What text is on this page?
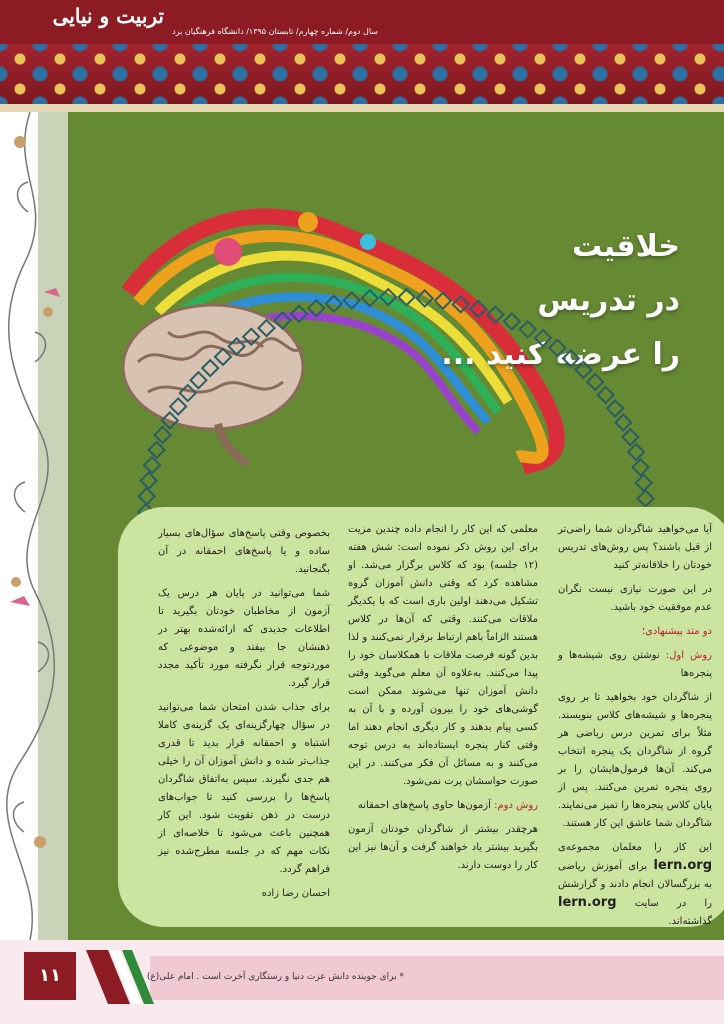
تربیت و نیایی
سال دوم/ شماره چهارم/ تابستان ۱۳۹۵/ دانشگاه فرهنگیان یزد
خلاقیت
در تدریس
را عرضه کنید ...

آیا می‌خواهید شاگردان شما راضی‌تر از قبل باشند؟ پس روش‌های تدریس خودتان را خلاقانه‌تر کنید

در این صورت نیازی نیست نگران عدم موفقیت خود باشید.

دو متد پیشنهادی؛

روش اول: نوشتن روی شیشه‌ها و پنجره‌ها

از شاگردان خود بخواهید تا بر روی پنجره‌ها و شیشه‌های کلاس بنویسند. مثلاً برای تمرین درس ریاضی هر گروه از شاگردان یک پنجره انتخاب می‌کند. آن‌ها فرمول‌هایشان را بر روی پنجره تمرین می‌کنند. پس از پایان کلاس پنجره‌ها را تمیز می‌نمایند. شاگردان شما عاشق این کار هستند.

این کار را معلمان مجموعه‌ی lern.org برای آموزش ریاضی به بزرگسالان انجام دادند و گزارشش را در سایت lern.org گذاشته‌اند.

معلمی که این کار را انجام داده چندین مزیت برای این روش ذکر نموده است: شش هفته (۱۲ جلسه) بود که کلاس برگزار می‌شد. او مشاهده کرد که وقتی دانش آموزان گروه تشکیل می‌دهند اولین باری است که با یکدیگر ملاقات می‌کنند. وقتی که آن‌ها در کلاس هستند الزاماً باهم ارتباط برقرار نمی‌کنند و لذا بدین گونه فرصت ملاقات با همکلاسان خود را پیدا می‌کنند. به‌علاوه آن معلم می‌گوید وقتی دانش آموزان تنها می‌شوند ممکن است گوشی‌های خود را بیرون آورده و با آن به کسی پیام بدهند و کار دیگری انجام دهند اما وقتی کنار پنجره ایستاده‌اند به درس توجه می‌کنند و به مسائل آن فکر می‌کنند. در این صورت حواسشان پرت نمی‌شود.

روش دوم: آزمون‌ها حاوی پاسخ‌های احمقانه

هرچقدر بیشتر از شاگردان خودتان آزمون بگیرید بیشتر یاد خواهند گرفت و آن‌ها نیز این کار را دوست دارند.

بخصوص وقتی پاسخ‌های سؤال‌های بسیار ساده و یا پاسخ‌های احمقانه در آن بگنجانید.

شما می‌توانید در پایان هر درس یک آزمون از مخاطبان خودتان بگیرید تا اطلاعات جدیدی که ارائه‌شده بهتر در ذهنشان جا بیفتد و موضوعی که موردتوجه قرار نگرفته مورد تأکید مجدد قرار گیرد.

برای جذاب شدن امتحان شما می‌توانید در سؤال چهارگزینه‌ای یک گزینه‌ی کاملا اشتباه و احمقانه قرار بدید تا قدری جذاب‌تر شده و دانش آموزان آن را خیلی هم جدی نگیرند. سپس به‌اتفاق شاگردان پاسخ‌ها را بررسی کنید تا جواب‌های درست در ذهن تقویت شود. این کار همچنین باعث می‌شود تا خلاصه‌ای از نکات مهم که در جلسه مطرح‌شده نیز فراهم گردد.

احسان رضا زاده

۱۱	* برای جوینده دانش عزت دنیا و رستگاری آخرت است . امام علی(ع)
